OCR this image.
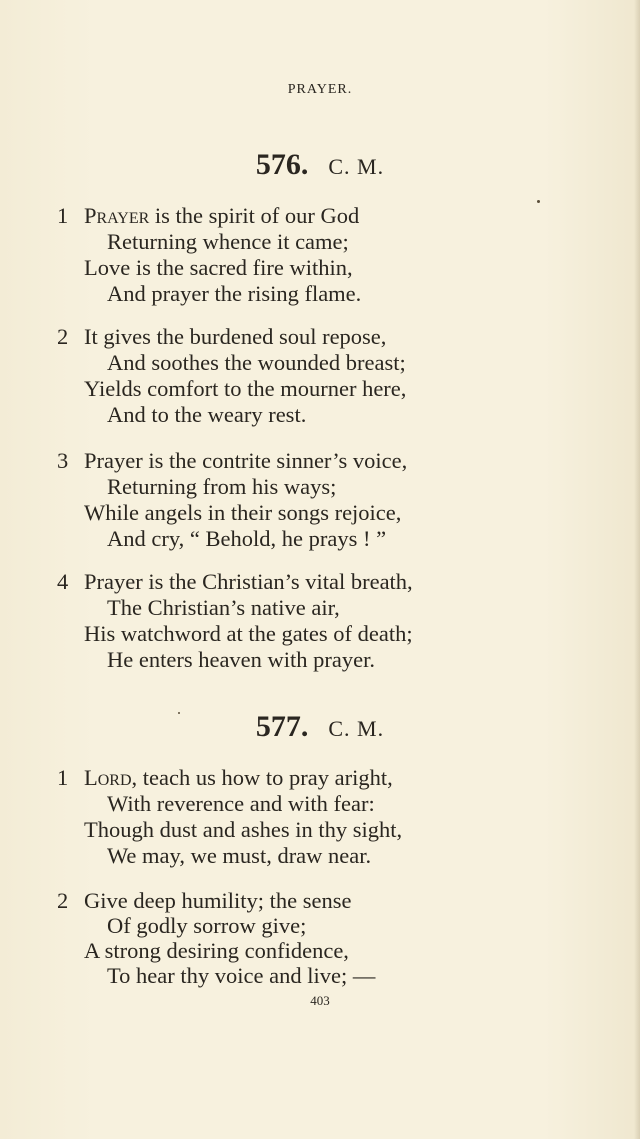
PRAYER.
576. C. M.
1 Prayer is the spirit of our God
Returning whence it came;
Love is the sacred fire within,
And prayer the rising flame.
2 It gives the burdened soul repose,
And soothes the wounded breast;
Yields comfort to the mourner here,
And to the weary rest.
3 Prayer is the contrite sinner’s voice,
Returning from his ways;
While angels in their songs rejoice,
And cry, “ Behold, he prays ! ”
4 Prayer is the Christian’s vital breath,
The Christian’s native air,
His watchword at the gates of death;
He enters heaven with prayer.
577. C. M.
1 Lord, teach us how to pray aright,
With reverence and with fear:
Though dust and ashes in thy sight,
We may, we must, draw near.
2 Give deep humility; the sense
Of godly sorrow give;
A strong desiring confidence,
To hear thy voice and live; —
403
